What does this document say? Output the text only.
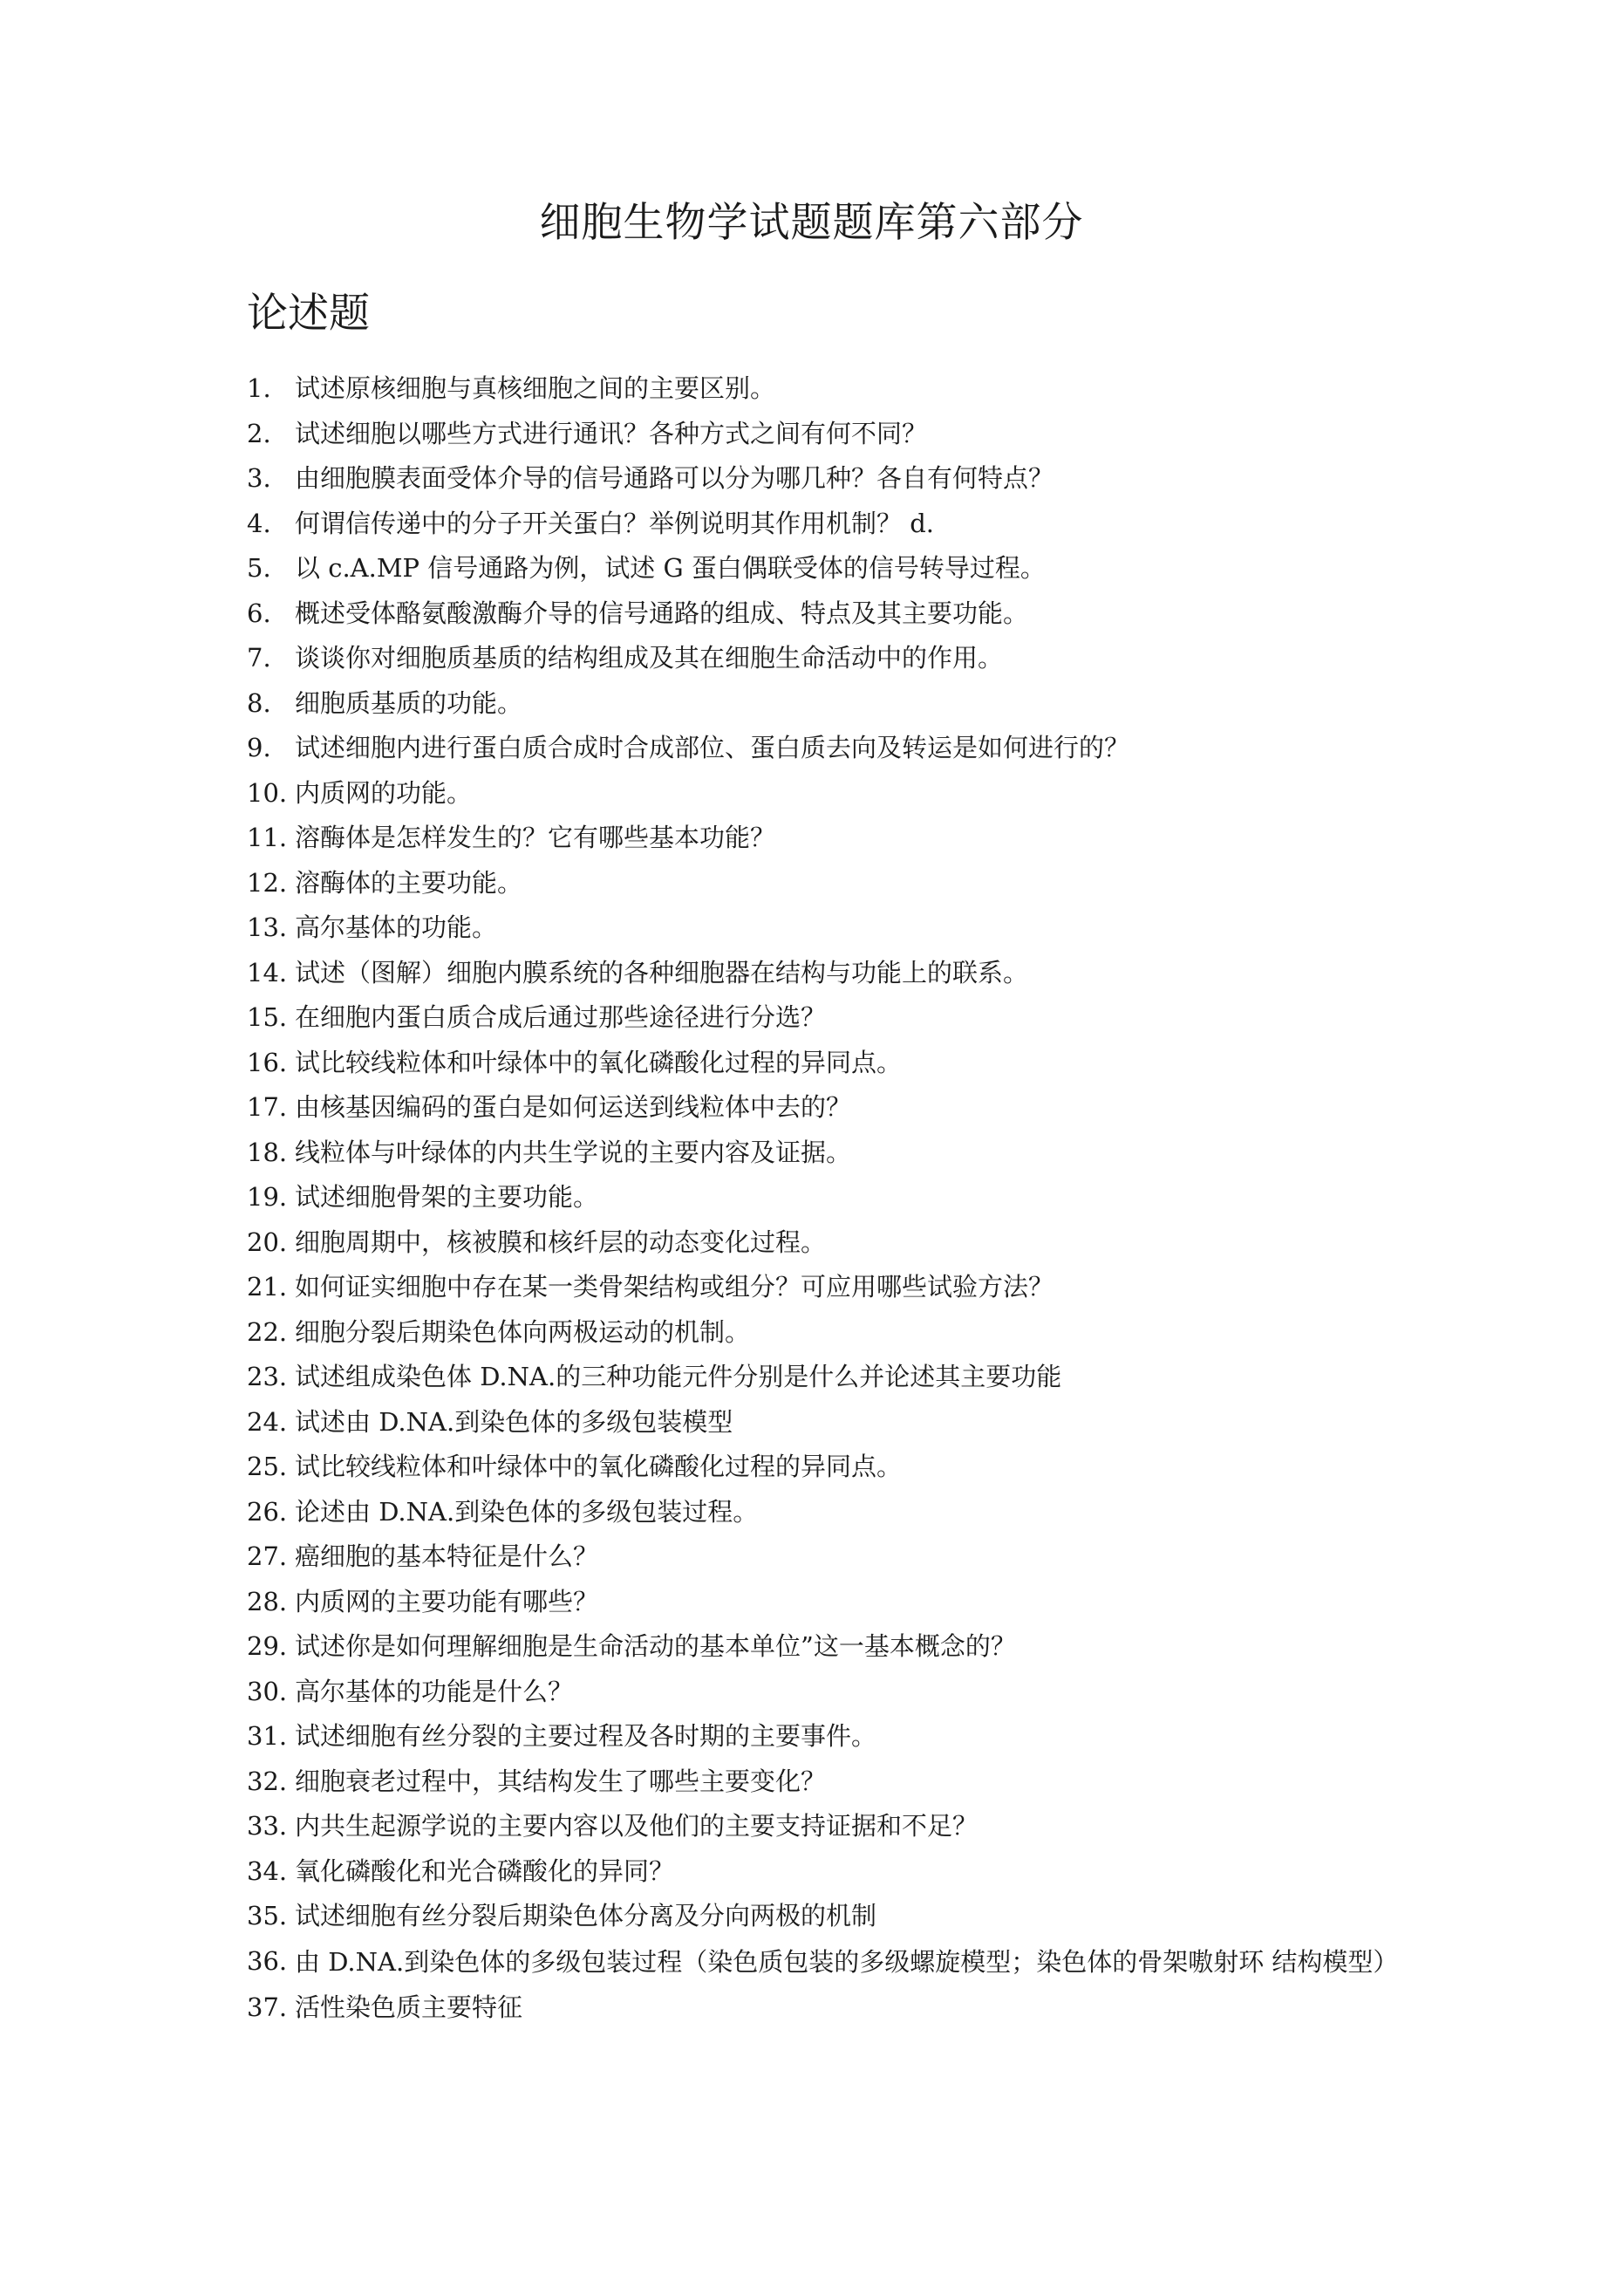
细胞生物学试题题库第六部分
论述题
1. 试述原核细胞与真核细胞之间的主要区别。
2. 试述细胞以哪些方式进行通讯？各种方式之间有何不同？
3. 由细胞膜表面受体介导的信号通路可以分为哪几种？各自有何特点？
4. 何谓信传递中的分子开关蛋白？举例说明其作用机制？ d.
5. 以 c.A.MP 信号通路为例，试述 G 蛋白偶联受体的信号转导过程。
6. 概述受体酪氨酸激酶介导的信号通路的组成、特点及其主要功能。
7. 谈谈你对细胞质基质的结构组成及其在细胞生命活动中的作用。
8. 细胞质基质的功能。
9. 试述细胞内进行蛋白质合成时合成部位、蛋白质去向及转运是如何进行的？
10. 内质网的功能。
11. 溶酶体是怎样发生的？它有哪些基本功能？
12. 溶酶体的主要功能。
13. 高尔基体的功能。
14. 试述（图解）细胞内膜系统的各种细胞器在结构与功能上的联系。
15. 在细胞内蛋白质合成后通过那些途径进行分选？
16. 试比较线粒体和叶绿体中的氧化磷酸化过程的异同点。
17. 由核基因编码的蛋白是如何运送到线粒体中去的？
18. 线粒体与叶绿体的内共生学说的主要内容及证据。
19. 试述细胞骨架的主要功能。
20. 细胞周期中，核被膜和核纤层的动态变化过程。
21. 如何证实细胞中存在某一类骨架结构或组分？可应用哪些试验方法？
22. 细胞分裂后期染色体向两极运动的机制。
23. 试述组成染色体 D.NA.的三种功能元件分别是什么并论述其主要功能
24. 试述由 D.NA.到染色体的多级包装模型
25. 试比较线粒体和叶绿体中的氧化磷酸化过程的异同点。
26. 论述由 D.NA.到染色体的多级包装过程。
27. 癌细胞的基本特征是什么？
28. 内质网的主要功能有哪些？
29. 试述你是如何理解细胞是生命活动的基本单位”这一基本概念的？
30. 高尔基体的功能是什么？
31. 试述细胞有丝分裂的主要过程及各时期的主要事件。
32. 细胞衰老过程中，其结构发生了哪些主要变化？
33. 内共生起源学说的主要内容以及他们的主要支持证据和不足？
34. 氧化磷酸化和光合磷酸化的异同？
35. 试述细胞有丝分裂后期染色体分离及分向两极的机制
36. 由 D.NA.到染色体的多级包装过程（染色质包装的多级螺旋模型；染色体的骨架嗷射环 结构模型）
37. 活性染色质主要特征
